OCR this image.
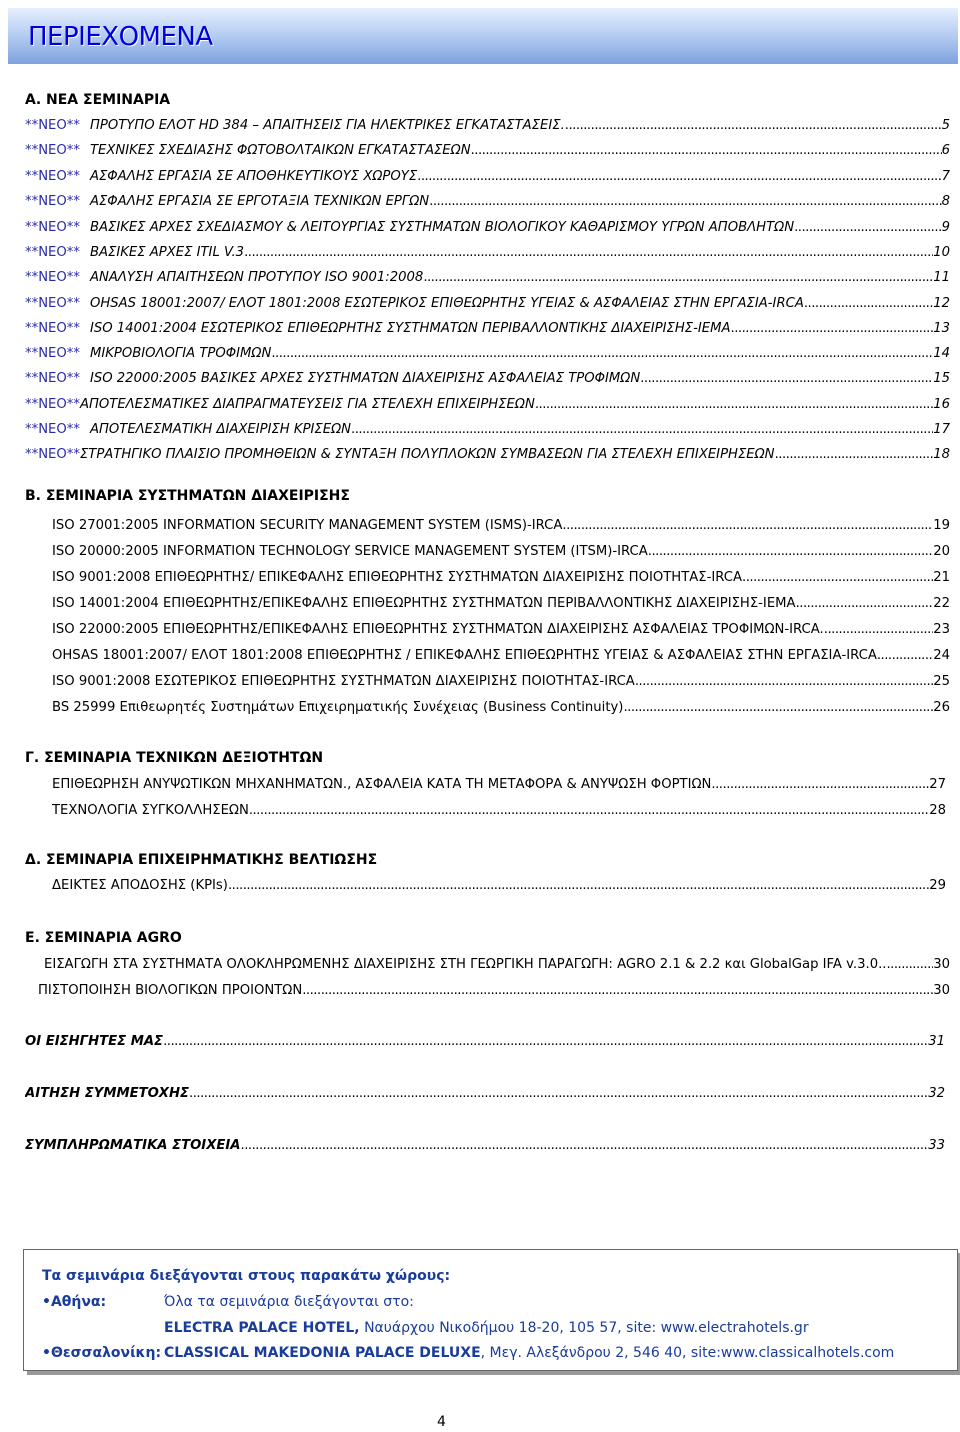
ΠΕΡΙΕΧΟΜΕΝΑ
Α. ΝΕΑ ΣΕΜΙΝΑΡΙΑ
**ΝΕΟ** ΠΡΟΤΥΠΟ ΕΛΟΤ HD 384 – ΑΠΑΙΤΗΣΕΙΣ ΓΙΑ ΗΛΕΚΤΡΙΚΕΣ ΕΓΚΑΤΑΣΤΑΣΕΙΣ. .....	5
**ΝΕΟ** ΤΕΧΝΙΚΕΣ ΣΧΕΔΙΑΣΗΣ ΦΩΤΟΒΟΛΤΑΙΚΩΝ ΕΓΚΑΤΑΣΤΑΣΕΩΝ .....	6
**ΝΕΟ** ΑΣΦΑΛΗΣ ΕΡΓΑΣΙΑ ΣΕ ΑΠΟΘΗΚΕΥΤΙΚΟΥΣ ΧΩΡΟΥΣ .....	7
**ΝΕΟ** ΑΣΦΑΛΗΣ ΕΡΓΑΣΙΑ ΣΕ ΕΡΓΟΤΑΞΙΑ ΤΕΧΝΙΚΩΝ ΕΡΓΩΝ .....	8
**ΝΕΟ** ΒΑΣΙΚΕΣ ΑΡΧΕΣ ΣΧΕΔΙΑΣΜΟΥ & ΛΕΙΤΟΥΡΓΙΑΣ ΣΥΣΤΗΜΑΤΩΝ ΒΙΟΛΟΓΙΚΟΥ ΚΑΘΑΡΙΣΜΟΥ ΥΓΡΩΝ ΑΠΟΒΛΗΤΩΝ .....	9
**ΝΕΟ** ΒΑΣΙΚΕΣ ΑΡΧΕΣ ITIL V.3 .....	10
**ΝΕΟ** ΑΝΑΛΥΣΗ ΑΠΑΙΤΗΣΕΩΝ ΠΡΟΤΥΠΟΥ ISO 9001:2008 .....	11
**ΝΕΟ** OHSAS 18001:2007/ ΕΛΟΤ 1801:2008 ΕΣΩΤΕΡΙΚΟΣ ΕΠΙΘΕΩΡΗΤΗΣ ΥΓΕΙΑΣ & ΑΣΦΑΛΕΙΑΣ ΣΤΗΝ ΕΡΓΑΣΙΑ-IRCA .....	12
**ΝΕΟ** ISO 14001:2004 ΕΣΩΤΕΡΙΚΟΣ ΕΠΙΘΕΩΡΗΤΗΣ ΣΥΣΤΗΜΑΤΩΝ ΠΕΡΙΒΑΛΛΟΝΤΙΚΗΣ ΔΙΑΧΕΙΡΙΣΗΣ-ΙΕΜΑ .....	13
**ΝΕΟ** ΜΙΚΡΟΒΙΟΛΟΓΙΑ ΤΡΟΦΙΜΩΝ .....	14
**ΝΕΟ** ISO 22000:2005 ΒΑΣΙΚΕΣ ΑΡΧΕΣ ΣΥΣΤΗΜΑΤΩΝ ΔΙΑΧΕΙΡΙΣΗΣ ΑΣΦΑΛΕΙΑΣ ΤΡΟΦΙΜΩΝ .....	15
**ΝΕΟ** ΑΠΟΤΕΛΕΣΜΑΤΙΚΕΣ ΔΙΑΠΡΑΓΜΑΤΕΥΣΕΙΣ ΓΙΑ ΣΤΕΛΕΧΗ ΕΠΙΧΕΙΡΗΣΕΩΝ .....	16
**ΝΕΟ** ΑΠΟΤΕΛΕΣΜΑΤΙΚΗ ΔΙΑΧΕΙΡΙΣΗ ΚΡΙΣΕΩΝ .....	17
**ΝΕΟ** ΣΤΡΑΤΗΓΙΚΟ ΠΛΑΙΣΙΟ ΠΡΟΜΗΘΕΙΩΝ & ΣΥΝΤΑΞΗ ΠΟΛΥΠΛΟΚΩΝ ΣΥΜΒΑΣΕΩΝ ΓΙΑ ΣΤΕΛΕΧΗ ΕΠΙΧΕΙΡΗΣΕΩΝ .....	18
Β. ΣΕΜΙΝΑΡΙΑ ΣΥΣΤΗΜΑΤΩΝ ΔΙΑΧΕΙΡΙΣΗΣ
ISO 27001:2005 INFORMATION SECURITY MANAGEMENT SYSTEM (ISMS)-IRCA .....	19
ISO 20000:2005 INFORMATION TECHNOLOGY SERVICE MANAGEMENT SYSTEM (ITSM)-IRCA .....	20
ISO 9001:2008 ΕΠΙΘΕΩΡΗΤΗΣ/ ΕΠΙΚΕΦΑΛΗΣ ΕΠΙΘΕΩΡΗΤΗΣ ΣΥΣΤΗΜΑΤΩΝ ΔΙΑΧΕΙΡΙΣΗΣ ΠΟΙΟΤΗΤΑΣ-IRCA .....	21
ISO 14001:2004 ΕΠΙΘΕΩΡΗΤΗΣ/ΕΠΙΚΕΦΑΛΗΣ ΕΠΙΘΕΩΡΗΤΗΣ ΣΥΣΤΗΜΑΤΩΝ ΠΕΡΙΒΑΛΛΟΝΤΙΚΗΣ ΔΙΑΧΕΙΡΙΣΗΣ-ΙΕΜΑ .....	22
ISO 22000:2005 ΕΠΙΘΕΩΡΗΤΗΣ/ΕΠΙΚΕΦΑΛΗΣ ΕΠΙΘΕΩΡΗΤΗΣ ΣΥΣΤΗΜΑΤΩΝ ΔΙΑΧΕΙΡΙΣΗΣ ΑΣΦΑΛΕΙΑΣ ΤΡΟΦΙΜΩΝ-IRCA. .....	23
OHSAS 18001:2007/ ΕΛΟΤ 1801:2008 ΕΠΙΘΕΩΡΗΤΗΣ / ΕΠΙΚΕΦΑΛΗΣ ΕΠΙΘΕΩΡΗΤΗΣ ΥΓΕΙΑΣ & ΑΣΦΑΛΕΙΑΣ ΣΤΗΝ ΕΡΓΑΣΙΑ-IRCA .....	24
ISO 9001:2008 ΕΣΩΤΕΡΙΚΟΣ ΕΠΙΘΕΩΡΗΤΗΣ ΣΥΣΤΗΜΑΤΩΝ ΔΙΑΧΕΙΡΙΣΗΣ ΠΟΙΟΤΗΤΑΣ-IRCA .....	25
BS 25999 Επιθεωρητές Συστημάτων Επιχειρηματικής Συνέχειας (Business Continuity) .....	26
Γ. ΣΕΜΙΝΑΡΙΑ ΤΕΧΝΙΚΩΝ ΔΕΞΙΟΤΗΤΩΝ
ΕΠΙΘΕΩΡΗΣΗ ΑΝΥΨΩΤΙΚΩΝ ΜΗΧΑΝΗΜΑΤΩΝ., ΑΣΦΑΛΕΙΑ ΚΑΤΑ ΤΗ ΜΕΤΑΦΟΡΑ & ΑΝΥΨΩΣΗ ΦΟΡΤΙΩΝ .....	27
ΤΕΧΝΟΛΟΓΙΑ ΣΥΓΚΟΛΛΗΣΕΩΝ .....	28
Δ. ΣΕΜΙΝΑΡΙΑ ΕΠΙΧΕΙΡΗΜΑΤΙΚΗΣ ΒΕΛΤΙΩΣΗΣ
ΔΕΙΚΤΕΣ ΑΠΟΔΟΣΗΣ (KPIs) .....	29
Ε. ΣΕΜΙΝΑΡΙΑ AGRO
ΕΙΣΑΓΩΓΗ ΣΤΑ ΣΥΣΤΗΜΑΤΑ ΟΛΟΚΛΗΡΩΜΕΝΗΣ ΔΙΑΧΕΙΡΙΣΗΣ ΣΤΗ ΓΕΩΡΓΙΚΗ ΠΑΡΑΓΩΓΗ: AGRO 2.1 & 2.2 και GlobalGap IFA v.3.0.. .....	30
ΠΙΣΤΟΠΟΙΗΣΗ ΒΙΟΛΟΓΙΚΩΝ ΠΡΟΪΟΝΤΩΝ .....	30
ΟΙ ΕΙΣΗΓΗΤΕΣ ΜΑΣ .....	31
ΑΙΤΗΣΗ ΣΥΜΜΕΤΟΧΗΣ .....	32
ΣΥΜΠΛΗΡΩΜΑΤΙΚΑ ΣΤΟΙΧΕΙΑ .....	33
Τα σεμινάρια διεξάγονται στους παρακάτω χώρους:
•Αθήνα:	Όλα τα σεμινάρια διεξάγονται στο:
ELECTRA PALACE HOTEL, Ναυάρχου Νικοδήμου 18-20, 105 57, site: www.electrahotels.gr
•Θεσσαλονίκη: CLASSICAL MAKEDONIA PALACE DELUXE, Μεγ. Αλεξάνδρου 2, 546 40, site:www.classicalhotels.com
4
